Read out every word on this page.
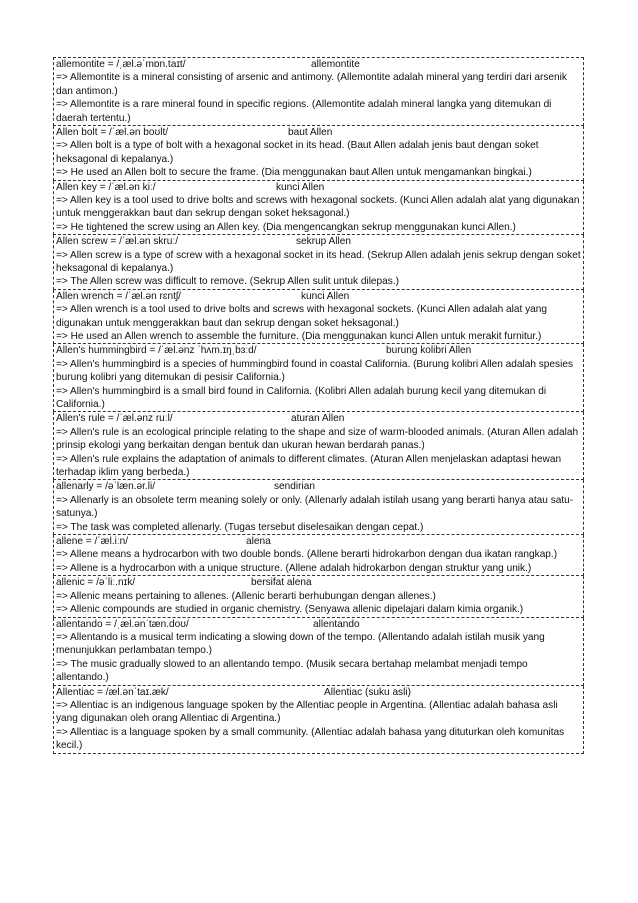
allemontite = /ˌæl.əˈmɒn.taɪt/	allemontite
=> Allemontite is a mineral consisting of arsenic and antimony. (Allemontite adalah mineral yang terdiri dari arsenik dan antimon.)
=> Allemontite is a rare mineral found in specific regions. (Allemontite adalah mineral langka yang ditemukan di daerah tertentu.)
Allen bolt = /ˈæl.ən boʊlt/	baut Allen
=> Allen bolt is a type of bolt with a hexagonal socket in its head. (Baut Allen adalah jenis baut dengan soket heksagonal di kepalanya.)
=> He used an Allen bolt to secure the frame. (Dia menggunakan baut Allen untuk mengamankan bingkai.)
Allen key = /ˈæl.ən kiː/	kunci Allen
=> Allen key is a tool used to drive bolts and screws with hexagonal sockets. (Kunci Allen adalah alat yang digunakan untuk menggerakkan baut dan sekrup dengan soket heksagonal.)
=> He tightened the screw using an Allen key. (Dia mengencangkan sekrup menggunakan kunci Allen.)
Allen screw = /ˈæl.ən skruː/	sekrup Allen
=> Allen screw is a type of screw with a hexagonal socket in its head. (Sekrup Allen adalah jenis sekrup dengan soket heksagonal di kepalanya.)
=> The Allen screw was difficult to remove. (Sekrup Allen sulit untuk dilepas.)
Allen wrench = /ˈæl.ən rɛntʃ/	kunci Allen
=> Allen wrench is a tool used to drive bolts and screws with hexagonal sockets. (Kunci Allen adalah alat yang digunakan untuk menggerakkan baut dan sekrup dengan soket heksagonal.)
=> He used an Allen wrench to assemble the furniture. (Dia menggunakan kunci Allen untuk merakit furnitur.)
Allen's hummingbird = /ˈæl.ənz ˈhʌm.ɪŋˌbɜːd/	burung kolibri Allen
=> Allen's hummingbird is a species of hummingbird found in coastal California. (Burung kolibri Allen adalah spesies burung kolibri yang ditemukan di pesisir California.)
=> Allen's hummingbird is a small bird found in California. (Kolibri Allen adalah burung kecil yang ditemukan di California.)
Allen's rule = /ˈæl.ənz ruːl/	aturan Allen
=> Allen's rule is an ecological principle relating to the shape and size of warm-blooded animals. (Aturan Allen adalah prinsip ekologi yang berkaitan dengan bentuk dan ukuran hewan berdarah panas.)
=> Allen's rule explains the adaptation of animals to different climates. (Aturan Allen menjelaskan adaptasi hewan terhadap iklim yang berbeda.)
allenarly = /əˈlæn.ər.li/	sendirian
=> Allenarly is an obsolete term meaning solely or only. (Allenarly adalah istilah usang yang berarti hanya atau satu-satunya.)
=> The task was completed allenarly. (Tugas tersebut diselesaikan dengan cepat.)
allene = /ˈæl.iːn/	alena
=> Allene means a hydrocarbon with two double bonds. (Allene berarti hidrokarbon dengan dua ikatan rangkap.)
=> Allene is a hydrocarbon with a unique structure. (Allene adalah hidrokarbon dengan struktur yang unik.)
allenic = /əˈliː.nɪk/	bersifat alena
=> Allenic means pertaining to allenes. (Allenic berarti berhubungan dengan allenes.)
=> Allenic compounds are studied in organic chemistry. (Senyawa allenic dipelajari dalam kimia organik.)
allentando = /ˌæl.ənˈtæn.doʊ/	allentando
=> Allentando is a musical term indicating a slowing down of the tempo. (Allentando adalah istilah musik yang menunjukkan perlambatan tempo.)
=> The music gradually slowed to an allentando tempo. (Musik secara bertahap melambat menjadi tempo allentando.)
Allentiac = /æl.ənˈtaɪ.æk/	Allentiac (suku asli)
=> Allentiac is an indigenous language spoken by the Allentiac people in Argentina. (Allentiac adalah bahasa asli yang digunakan oleh orang Allentiac di Argentina.)
=> Allentiac is a language spoken by a small community. (Allentiac adalah bahasa yang dituturkan oleh komunitas kecil.)
